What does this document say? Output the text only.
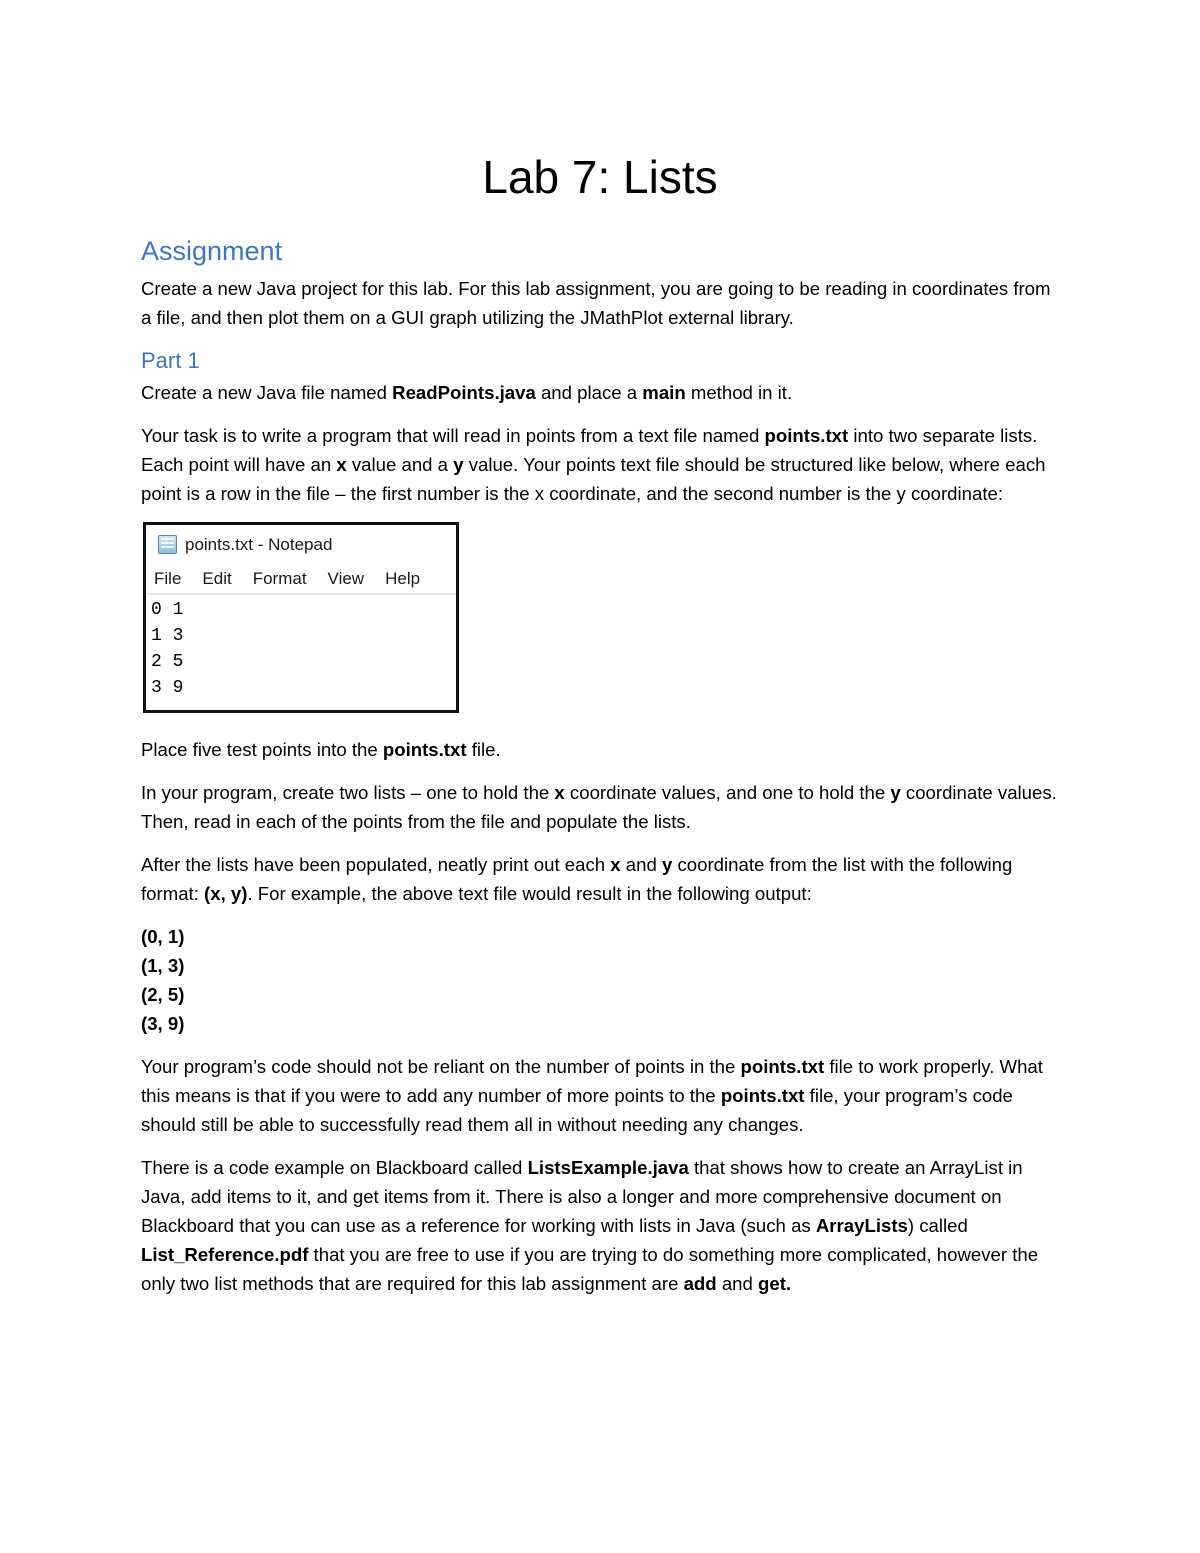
Lab 7: Lists
Assignment

Create a new Java project for this lab. For this lab assignment, you are going to be reading in coordinates from a file, and then plot them on a GUI graph utilizing the JMathPlot external library.

Part 1

Create a new Java file named ReadPoints.java and place a main method in it.

Your task is to write a program that will read in points from a text file named points.txt into two separate lists. Each point will have an x value and a y value. Your points text file should be structured like below, where each point is a row in the file – the first number is the x coordinate, and the second number is the y coordinate:

points.txt - Notepad
File Edit Format View Help
0 1
1 3
2 5
3 9

Place five test points into the points.txt file.

In your program, create two lists – one to hold the x coordinate values, and one to hold the y coordinate values. Then, read in each of the points from the file and populate the lists.

After the lists have been populated, neatly print out each x and y coordinate from the list with the following format: (x, y). For example, the above text file would result in the following output:

(0, 1)
(1, 3)
(2, 5)
(3, 9)

Your program’s code should not be reliant on the number of points in the points.txt file to work properly. What this means is that if you were to add any number of more points to the points.txt file, your program’s code should still be able to successfully read them all in without needing any changes.

There is a code example on Blackboard called ListsExample.java that shows how to create an ArrayList in Java, add items to it, and get items from it. There is also a longer and more comprehensive document on Blackboard that you can use as a reference for working with lists in Java (such as ArrayLists) called List_Reference.pdf that you are free to use if you are trying to do something more complicated, however the only two list methods that are required for this lab assignment are add and get.
